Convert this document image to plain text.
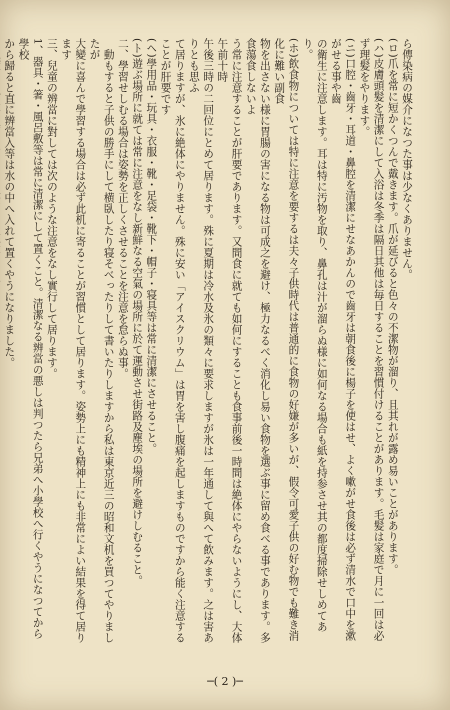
ら傳染病の媒介になつた事は少なくありません。

(ロ)爪を常に短かくつんで戴きます。爪が延びると色々の不潔物が溜り、且其れが露め易いことがあります。

(ハ)皮膚頭髪を清潔にして入浴は冬季は隔日其他は毎日することを習慣付けることがあります。毛髪は家庭で月に一回は必ず理髪をやります。

(ニ)口腔・齒牙・耳道・鼻腔を清潔にせなあかんので齒牙は朝食後に楊子を使はせ、よく嗽がせ食後は必ず清水で口中を漱がせる事や齒

の衛生に注意します。耳は特に汚物を取り、鼻孔は汁が溜らぬ様に如何なる場合も紙を持参させ其の都度掃除せしめてあり。

(ホ)飲食物については特に注意を要するは夫々子供時代は普通的に食物の好嫌が多いが、假令可愛子供の好む物でも難き消化に難い副食

物を出さない様に胃腸の害になる物は可成之を避け、極力なるべく消化し易い食物を選ぶ事に留め食べる事であります。多食蕩食しないよ

う常に注意することが肝要であります。又間食に就ても如何にすることも食事前後一時間は絶体にやらないようにし、大体午前十時

午後三時の二回位にとめて居ります。殊に夏期は冷水及氷の類々に要求しますが氷は一年通して與へて飲みます。之は害ありとも思ふ

て居りますが、氷に絶体にやりません。殊に安い「アイスクリウム」は胃を害し腹痛を起しますものですから能く注意することが肝要です

(ヘ)學用品・玩具・衣服・靴・足袋・靴下・帽子・寝具等は常に清潔にさせること。

(ト)遊ぶ場所に就ては常に注意をなし新鮮なる空氣の場所に於て運動させ街路及塵埃の場所を避けしむること。

二、學習せしむる場合は姿勢を正しくさせることを注意を怠らぬ事。

　動もすると子供の勝手にして横臥したり寝そべったりして書いたりしますから私は東京近三の昭和文机を買つてやりましたが

大變に喜んで學習する場合は必ず此机に寄ることが習慣として居ります。姿勢上にも精神上にも非常によい結果を得て居ります

三、兒童の辨當に對しては次のような注意をなし實行して居ります。

1、器具・箸・風呂敷等は常に清潔にして置くこと。清潔なる辨當の悪しは判つたら兄弟へ小學校へ行くやうになつてから學校

から歸ると直に辨當入等は水の中へ入れて置くやうになりました。

─( 2 )─
